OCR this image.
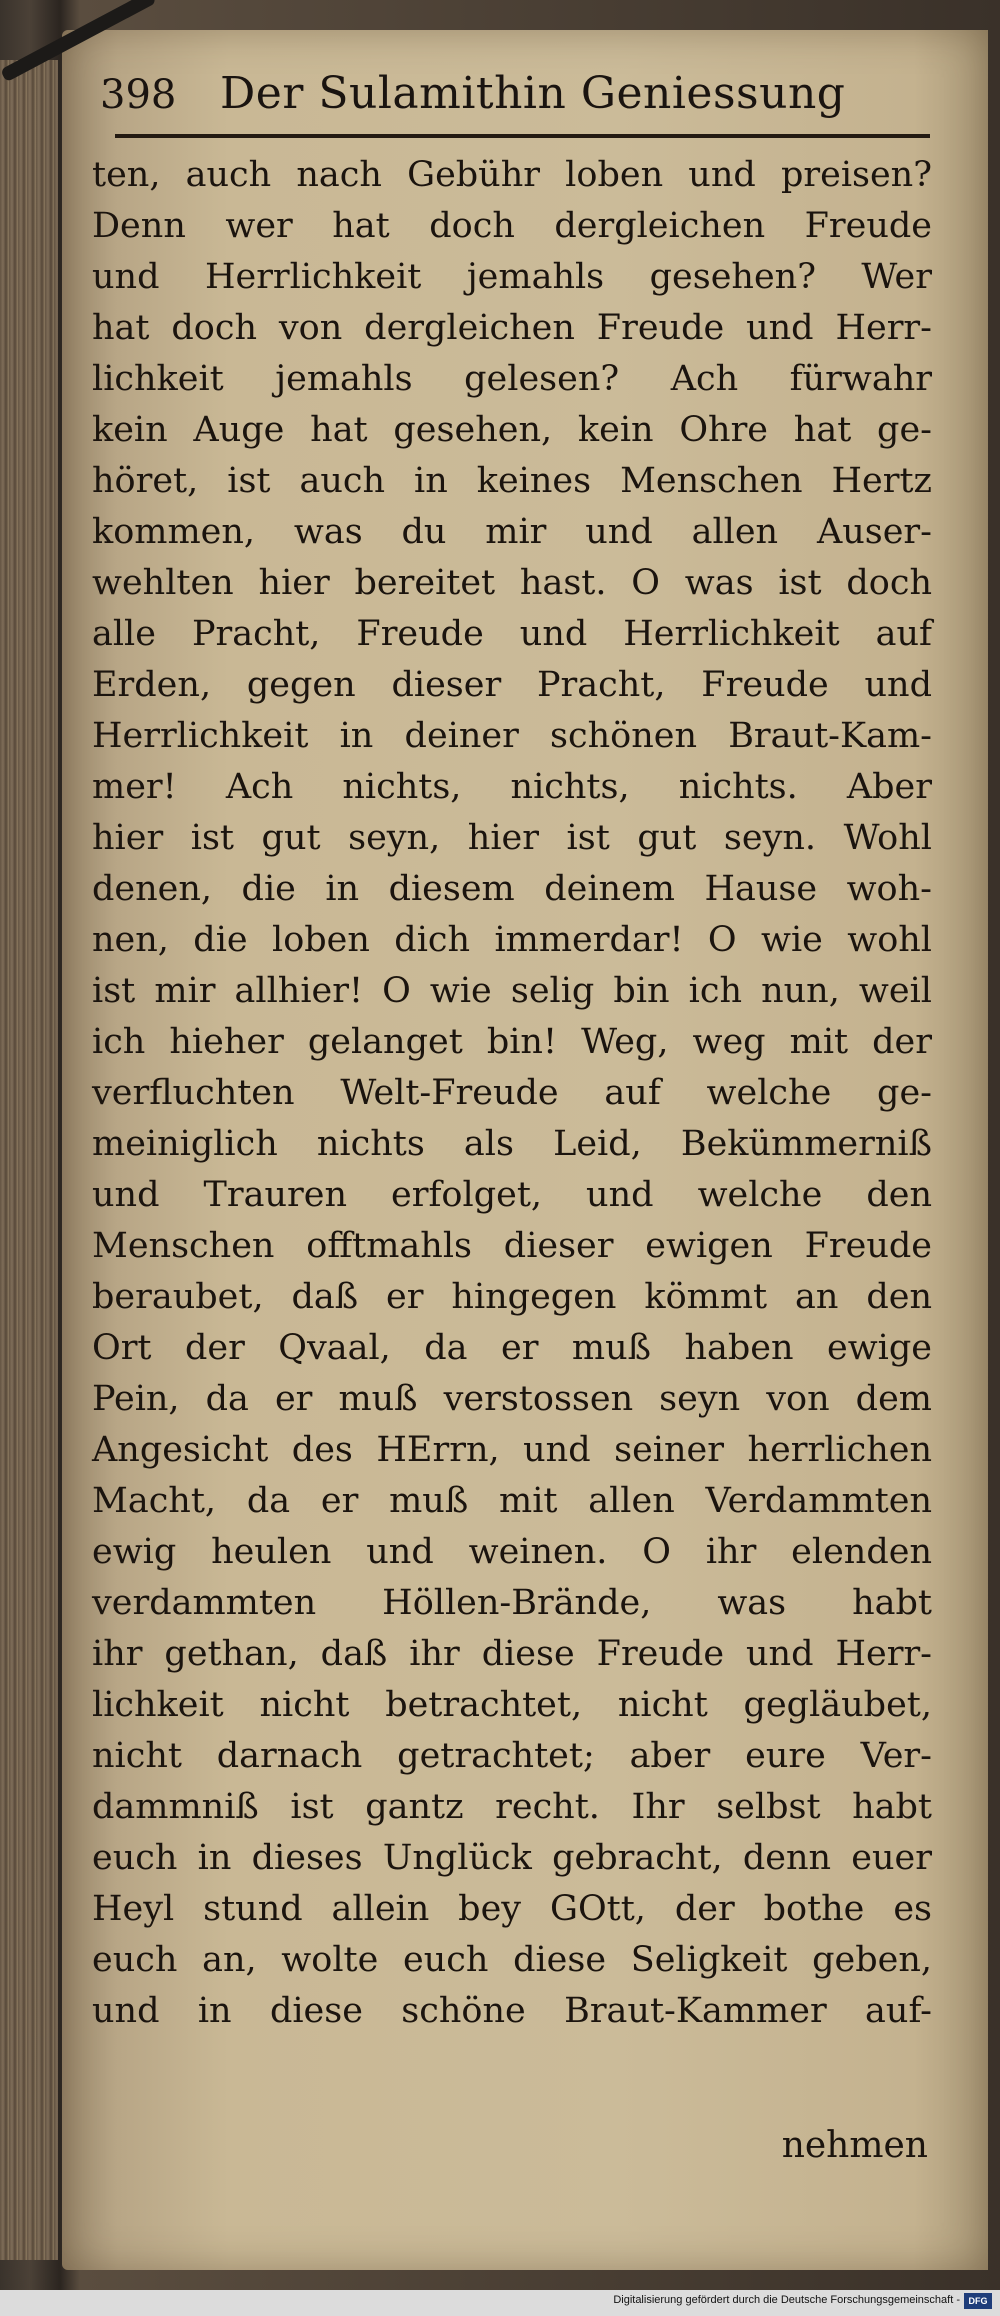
398 Der Sulamithin Geniessung
ten, auch nach Gebühr loben und preisen?
Denn wer hat doch dergleichen Freude
und Herrlichkeit jemahls gesehen? Wer
hat doch von dergleichen Freude und Herr-
lichkeit jemahls gelesen? Ach fürwahr
kein Auge hat gesehen, kein Ohre hat ge-
höret, ist auch in keines Menschen Hertz
kommen, was du mir und allen Auser-
wehlten hier bereitet hast. O was ist doch
alle Pracht, Freude und Herrlichkeit auf
Erden, gegen dieser Pracht, Freude und
Herrlichkeit in deiner schönen Braut-Kam-
mer! Ach nichts, nichts, nichts. Aber
hier ist gut seyn, hier ist gut seyn. Wohl
denen, die in diesem deinem Hause woh-
nen, die loben dich immerdar! O wie wohl
ist mir allhier! O wie selig bin ich nun, weil
ich hieher gelanget bin! Weg, weg mit der
verfluchten Welt-Freude auf welche ge-
meiniglich nichts als Leid, Bekümmerniß
und Trauren erfolget, und welche den
Menschen offtmahls dieser ewigen Freude
beraubet, daß er hingegen kömmt an den
Ort der Qvaal, da er muß haben ewige
Pein, da er muß verstossen seyn von dem
Angesicht des HErrn, und seiner herrlichen
Macht, da er muß mit allen Verdammten
ewig heulen und weinen. O ihr elenden
verdammten Höllen-Brände, was habt
ihr gethan, daß ihr diese Freude und Herr-
lichkeit nicht betrachtet, nicht gegläubet,
nicht darnach getrachtet; aber eure Ver-
dammniß ist gantz recht. Ihr selbst habt
euch in dieses Unglück gebracht, denn euer
Heyl stund allein bey GOtt, der bothe es
euch an, wolte euch diese Seligkeit geben,
und in diese schöne Braut-Kammer auf-
nehmen
Digitalisierung gefördert durch die Deutsche Forschungsgemeinschaft - DFG
